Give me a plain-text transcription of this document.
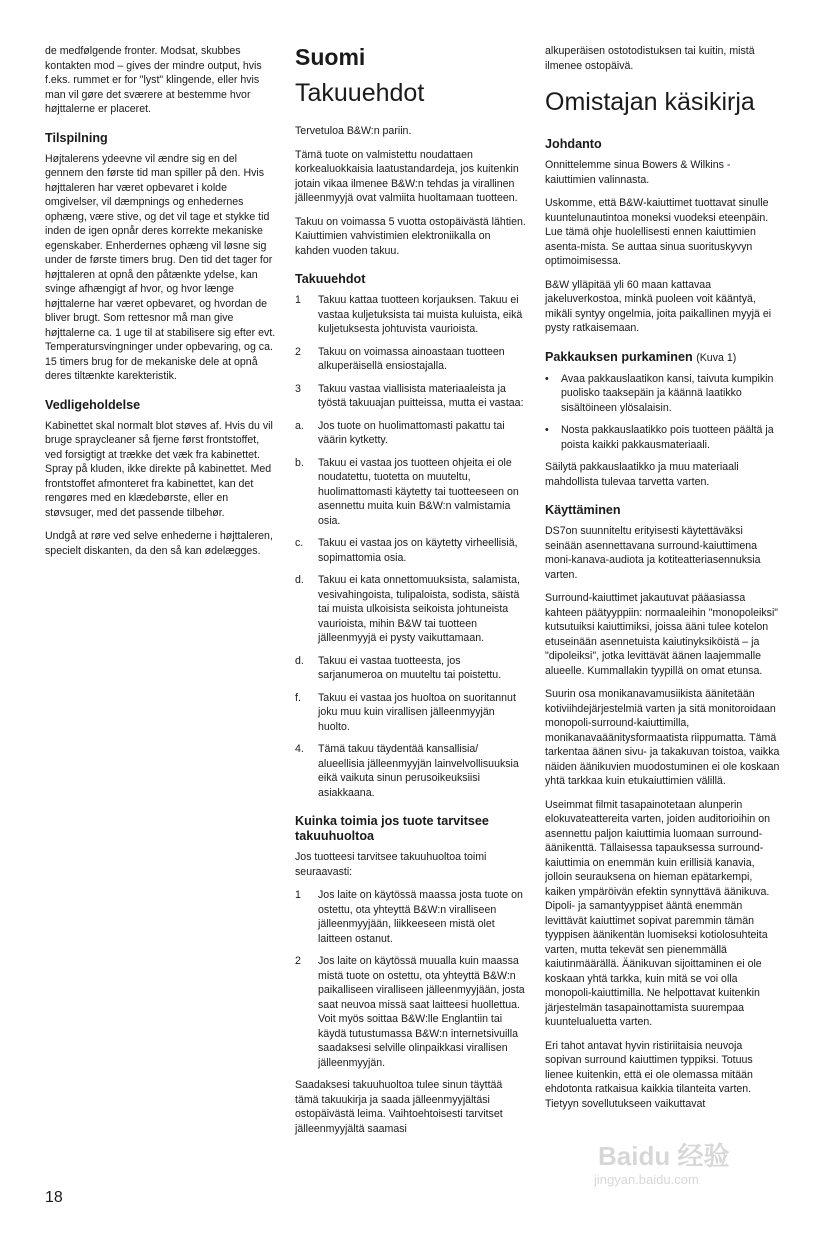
de medfølgende fronter. Modsat, skubbes kontakten mod – gives der mindre output, hvis f.eks. rummet er for "lyst" klingende, eller hvis man vil gøre det sværere at bestemme hvor højttalerne er placeret.

Tilspilning

Højtalerens ydeevne vil ændre sig en del gennem den første tid man spiller på den. Hvis højttaleren har været opbevaret i kolde omgivelser, vil dæmpnings og enhedernes ophæng, være stive, og det vil tage et stykke tid inden de igen opnår deres korrekte mekaniske egenskaber. Enherdernes ophæng vil løsne sig under de første timers brug. Den tid det tager for højttaleren at opnå den påtænkte ydelse, kan svinge afhængigt af hvor, og hvor længe højttalerne har været opbevaret, og hvordan de bliver brugt. Som rettesnor må man give højttalerne ca. 1 uge til at stabilisere sig efter evt. Temperatursvingninger under opbevaring, og ca. 15 timers brug for de mekaniske dele at opnå deres tiltænkte karekteristik.

Vedligeholdelse

Kabinettet skal normalt blot støves af. Hvis du vil bruge spraycleaner så fjerne først frontstoffet, ved forsigtigt at trække det væk fra kabinettet. Spray på kluden, ikke direkte på kabinettet. Med frontstoffet afmonteret fra kabinettet, kan det rengøres med en klædebørste, eller en støvsuger, med det passende tilbehør.

Undgå at røre ved selve enhederne i højttaleren, specielt diskanten, da den så kan ødelægges.

Suomi
Takuuehdot

Tervetuloa B&W:n pariin.

Tämä tuote on valmistettu noudattaen korkealuokkaisia laatustandardeja, jos kuitenkin jotain vikaa ilmenee B&W:n tehdas ja virallinen jälleenmyyjä ovat valmiita huoltamaan tuotteen.

Takuu on voimassa 5 vuotta ostopäivästä lähtien. Kaiuttimien vahvistimien elektroniikalla on kahden vuoden takuu.

Takuuehdot
1	Takuu kattaa tuotteen korjauksen. Takuu ei vastaa kuljetuksista tai muista kuluista, eikä kuljetuksesta johtuvista vaurioista.
2	Takuu on voimassa ainoastaan tuotteen alkuperäisellä ensiostajalla.
3	Takuu vastaa viallisista materiaaleista ja työstä takuuajan puitteissa, mutta ei vastaa:
a.	Jos tuote on huolimattomasti pakattu tai väärin kytketty.
b.	Takuu ei vastaa jos tuotteen ohjeita ei ole noudatettu, tuotetta on muuteltu, huolimattomasti käytetty tai tuotteeseen on asennettu muita kuin B&W:n valmistamia osia.
c.	Takuu ei vastaa jos on käytetty virheellisiä, sopimattomia osia.
d.	Takuu ei kata onnettomuuksista, salamista, vesivahingoista, tulipaloista, sodista, säistä tai muista ulkoisista seikoista johtuneista vaurioista, mihin B&W tai tuotteen jälleenmyyjä ei pysty vaikuttamaan.
d.	Takuu ei vastaa tuotteesta, jos sarjanumeroa on muuteltu tai poistettu.
f.	Takuu ei vastaa jos huoltoa on suoritannut joku muu kuin virallisen jälleenmyyjän huolto.
4.	Tämä takuu täydentää kansallisia/ alueellisia jälleenmyyjän lainvelvollisuuksia eikä vaikuta sinun perusoikeuksiisi asiakkaana.
Kuinka toimia jos tuote tarvitsee takuuhuoltoa

Jos tuotteesi tarvitsee takuuhuoltoa toimi seuraavasti:

1	Jos laite on käytössä maassa josta tuote on ostettu, ota yhteyttä B&W:n viralliseen jälleenmyyjään, liikkeeseen mistä olet laitteen ostanut.
2	Jos laite on käytössä muualla kuin maassa mistä tuote on ostettu, ota yhteyttä B&W:n paikalliseen viralliseen jälleenmyyjään, josta saat neuvoa missä saat laitteesi huollettua. Voit myös soittaa B&W:lle Englantiin tai käydä tutustumassa B&W:n internetsivuilla saadaksesi selville olinpaikkasi virallisen jälleenmyyjän.

Saadaksesi takuuhuoltoa tulee sinun täyttää tämä takuukirja ja saada jälleenmyyjältäsi ostopäivästä leima. Vaihtoehtoisesti tarvitset jälleenmyyjältä saamasi

alkuperäisen ostotodistuksen tai kuitin, mistä ilmenee ostopäivä.

Omistajan käsikirja
Johdanto

Onnittelemme sinua Bowers & Wilkins -kaiuttimien valinnasta.

Uskomme, että B&W-kaiuttimet tuottavat sinulle kuuntelunautintoa moneksi vuodeksi eteenpäin. Lue tämä ohje huolellisesti ennen kaiuttimien asenta-mista. Se auttaa sinua suorituskyvyn optimoimisessa.

B&W ylläpitää yli 60 maan kattavaa jakeluverkostoa, minkä puoleen voit kääntyä, mikäli syntyy ongelmia, joita paikallinen myyjä ei pysty ratkaisemaan.

Pakkauksen purkaminen (Kuva 1)
•	Avaa pakkauslaatikon kansi, taivuta kumpikin puolisko taaksepäin ja käännä laatikko sisältöineen ylösalaisin.
•	Nosta pakkauslaatikko pois tuotteen päältä ja poista kaikki pakkausmateriaali.

Säilytä pakkauslaatikko ja muu materiaali mahdollista tulevaa tarvetta varten.

Käyttäminen

DS7on suunniteltu erityisesti käytettäväksi seinään asennettavana surround-kaiuttimena moni-kanava-audiota ja kotiteatteriasennuksia varten.

Surround-kaiuttimet jakautuvat pääasiassa kahteen päätyyppiin: normaaleihin "monopoleiksi" kutsutuiksi kaiuttimiksi, joissa ääni tulee kotelon etuseinään asennetuista kaiutinyksiköistä – ja "dipoleiksi", jotka levittävät äänen laajemmalle alueelle. Kummallakin tyypillä on omat etunsa.

Suurin osa monikanavamusiikista äänitetään kotiviihdejärjestelmiä varten ja sitä monitoroidaan monopoli-surround-kaiuttimilla, monikanavaäänitysformaatista riippumatta. Tämä tarkentaa äänen sivu- ja takakuvan toistoa, vaikka näiden äänikuvien muodostuminen ei ole koskaan yhtä tarkkaa kuin etukaiuttimien välillä.

Useimmat filmit tasapainotetaan alunperin elokuvateattereita varten, joiden auditorioihin on asennettu paljon kaiuttimia luomaan surround-äänikenttä. Tällaisessa tapauksessa surround-kaiuttimia on enemmän kuin erillisiä kanavia, jolloin seurauksena on hieman epätarkempi, kaiken ympäröivän efektin synnyttävä äänikuva. Dipoli- ja samantyyppiset ääntä enemmän levittävät kaiuttimet sopivat paremmin tämän tyyppisen äänikentän luomiseksi kotiolosuhteita varten, mutta tekevät sen pienemmällä kaiutinmäärällä. Äänikuvan sijoittaminen ei ole koskaan yhtä tarkka, kuin mitä se voi olla monopoli-kaiuttimilla. Ne helpottavat kuitenkin järjestelmän tasapainottamista suurempaa kuuntelualuetta varten.

Eri tahot antavat hyvin ristiriitaisia neuvoja sopivan surround kaiuttimen typpiksi. Totuus lienee kuitenkin, että ei ole olemassa mitään ehdotonta ratkaisua kaikkia tilanteita varten. Tietyyn sovellutukseen vaikuttavat

18
Baidu 经验
jingyan.baidu.com
